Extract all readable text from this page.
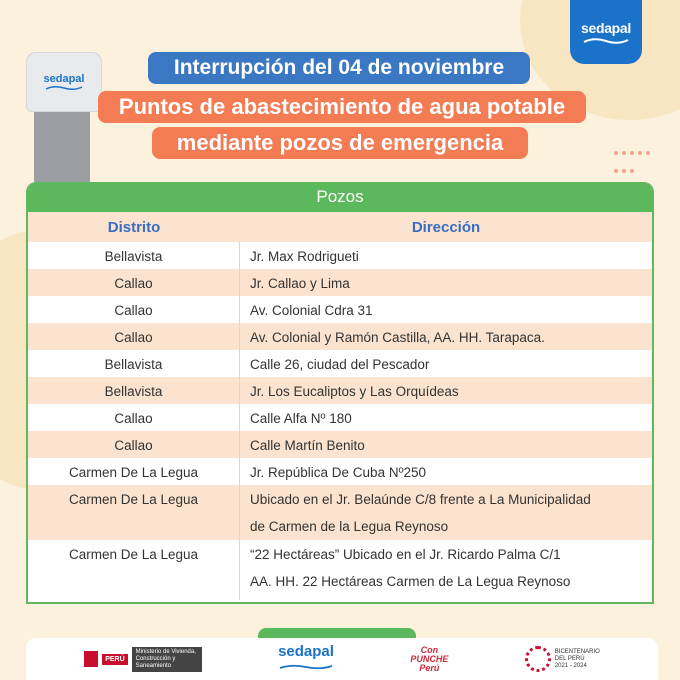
sedapal
sedapal	Interrupción del 04 de noviembre
Puntos de abastecimiento de agua potable
mediante pozos de emergencia
Pozos
Distrito	Dirección
Bellavista	Jr. Max Rodrigueti
Callao	Jr. Callao y Lima
Callao	Av. Colonial Cdra 31
Callao	Av. Colonial y Ramón Castilla, AA. HH. Tarapaca.
Bellavista	Calle 26, ciudad del Pescador
Bellavista	Jr. Los Eucaliptos y Las Orquídeas
Callao	Calle Alfa Nº 180
Callao	Calle Martín Benito
Carmen De La Legua	Jr. República De Cuba Nº250
Carmen De La Legua	Ubicado en el Jr. Belaúnde C/8 frente a La Municipalidad
de Carmen de la Legua Reynoso
Carmen De La Legua	“22 Hectáreas” Ubicado en el Jr. Ricardo Palma C/1
AA. HH. 22 Hectáreas Carmen de La Legua Reynoso
PERÚ
Ministerio de Vivienda, Construcción y Saneamiento
sedapal	Con
PUNCHE
Perú
BICENTENARIO
DEL PERÚ
2021 - 2024
